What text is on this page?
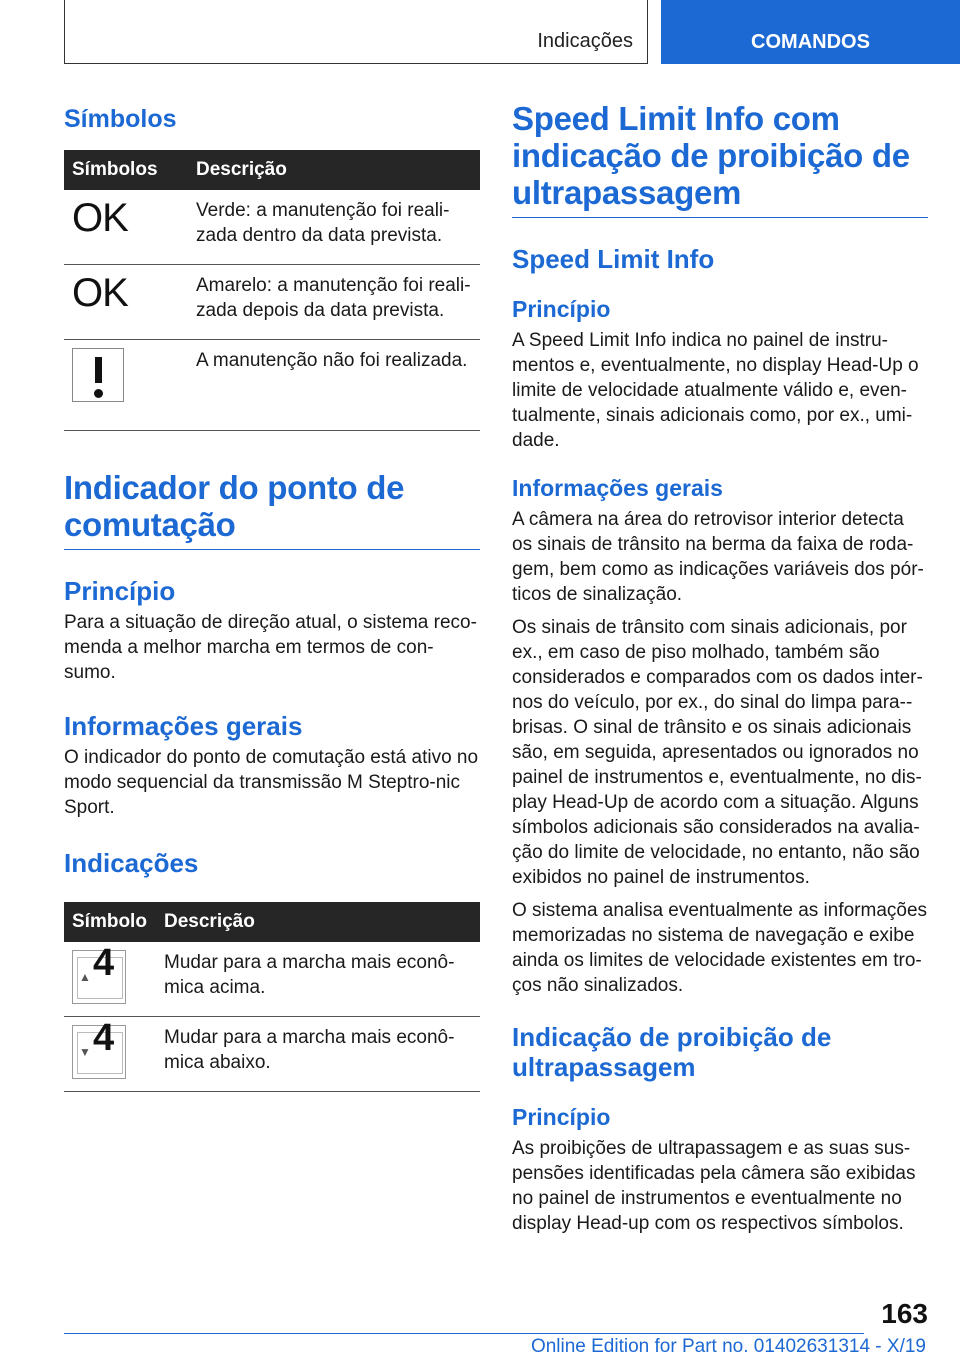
Indicações	COMANDOS
Símbolos
Símbolos	Descrição

OK	Verde: a manutenção foi reali-zada dentro da data prevista.

OK	Amarelo: a manutenção foi reali-zada depois da data prevista.

	A manutenção não foi realizada.
Indicador do ponto de comutação
Princípio

Para a situação de direção atual, o sistema reco-menda a melhor marcha em termos de con-sumo.

Informações gerais

O indicador do ponto de comutação está ativo no modo sequencial da transmissão M Steptro-nic Sport.

Indicações
Símbolo	Descrição

▲ 4	Mudar para a marcha mais econô-mica acima.

▼ 4	Mudar para a marcha mais econô-mica abaixo.
Speed Limit Info com indicação de proibição de ultrapassagem
Speed Limit Info
Princípio

A Speed Limit Info indica no painel de instru-mentos e, eventualmente, no display Head-Up o limite de velocidade atualmente válido e, even-tualmente, sinais adicionais como, por ex., umi-dade.

Informações gerais

A câmera na área do retrovisor interior detecta os sinais de trânsito na berma da faixa de roda-gem, bem como as indicações variáveis dos pór-ticos de sinalização.

Os sinais de trânsito com sinais adicionais, por ex., em caso de piso molhado, também são considerados e comparados com os dados inter-nos do veículo, por ex., do sinal do limpa para--brisas. O sinal de trânsito e os sinais adicionais são, em seguida, apresentados ou ignorados no painel de instrumentos e, eventualmente, no dis-play Head-Up de acordo com a situação. Alguns símbolos adicionais são considerados na avalia-ção do limite de velocidade, no entanto, não são exibidos no painel de instrumentos.

O sistema analisa eventualmente as informações memorizadas no sistema de navegação e exibe ainda os limites de velocidade existentes em tro-ços não sinalizados.

Indicação de proibição de ultrapassagem
Princípio

As proibições de ultrapassagem e as suas sus-pensões identificadas pela câmera são exibidas no painel de instrumentos e eventualmente no display Head-up com os respectivos símbolos.

163
Online Edition for Part no. 01402631314 - X/19
